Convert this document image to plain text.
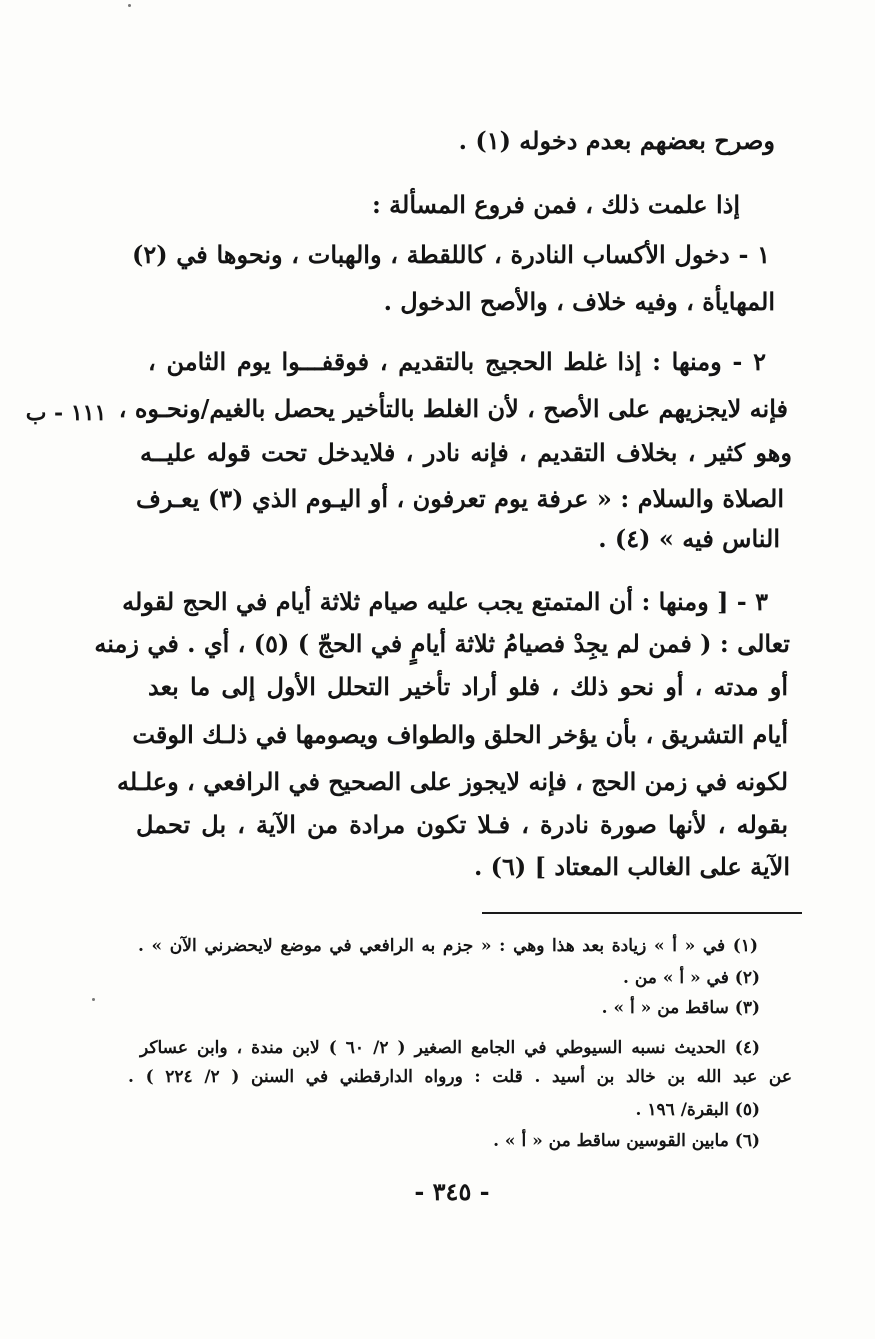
وصرح بعضهم بعدم دخوله (١) .
إذا علمت ذلك ، فمن فروع المسألة :
١ - دخول الأكساب النادرة ، كاللقطة ، والهبات ، ونحوها في (٢)
المهايأة ، وفيه خلاف ، والأصح الدخول .
٢ - ومنها : إذا غلط الحجيج بالتقديم ، فوقفـــوا يوم الثامن ،
فإنه لايجزيهم على الأصح ، لأن الغلط بالتأخير يحصل بالغيم/ونحـوه ،
وهو كثير ، بخلاف التقديم ، فإنه نادر ، فلايدخل تحت قوله عليــه
الصلاة والسلام : « عرفة يوم تعرفون ، أو اليـوم الذي (٣) يعـرف
الناس فيه » (٤) .
٣ - [ ومنها : أن المتمتع يجب عليه صيام ثلاثة أيام في الحج لقوله
تعالى : ( فمن لم يجِدْ فصيامُ ثلاثة أيامٍ في الحجّ ) (٥) ، أي . في زمنه
أو مدته ، أو نحو ذلك ، فلو أراد تأخير التحلل الأول إلى ما بعد
أيام التشريق ، بأن يؤخر الحلق والطواف ويصومها في ذلـك الوقت
لكونه في زمن الحج ، فإنه لايجوز على الصحيح في الرافعي ، وعلـله
بقوله ، لأنها صورة نادرة ، فـلا تكون مرادة من الآية ، بل تحمل
الآية على الغالب المعتاد ] (٦) .
١١١ - ب
(١) في « أ » زيادة بعد هذا وهي : « جزم به الرافعي في موضع لايحضرني الآن » .
(٢) في « أ » من .
(٣) ساقط من « أ » .
(٤) الحديث نسبه السيوطي في الجامع الصغير ( ٢/ ٦٠ ) لابن مندة ، وابن عساكر
عن عبد الله بن خالد بن أسيد . قلت : ورواه الدارقطني في السنن ( ٢/ ٢٢٤ ) .
(٥) البقرة/ ١٩٦ .
(٦) مابين القوسين ساقط من « أ » .
- ٣٤٥ -
